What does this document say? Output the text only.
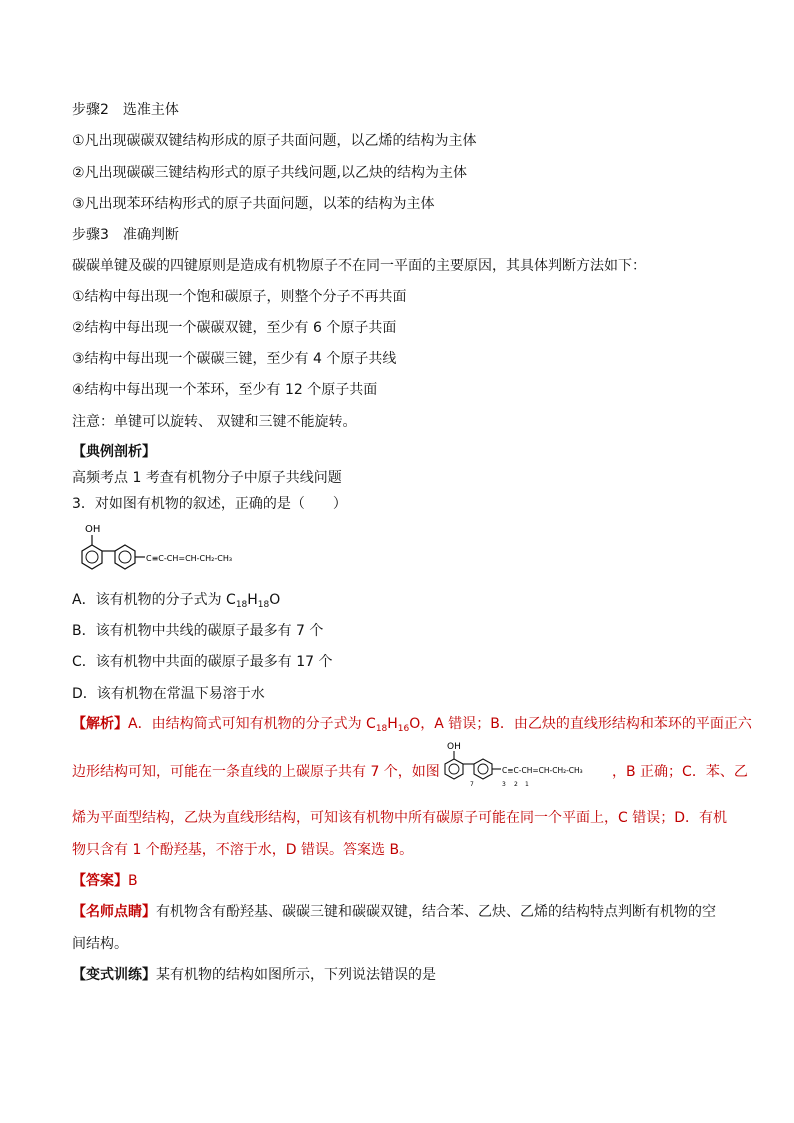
步骤2　选准主体
①凡出现碳碳双键结构形成的原子共面问题，以乙烯的结构为主体
②凡出现碳碳三键结构形式的原子共线问题,以乙炔的结构为主体
③凡出现苯环结构形式的原子共面问题，以苯的结构为主体
步骤3　准确判断
碳碳单键及碳的四键原则是造成有机物原子不在同一平面的主要原因，其具体判断方法如下：
①结构中每出现一个饱和碳原子，则整个分子不再共面
②结构中每出现一个碳碳双键，至少有 6 个原子共面
③结构中每出现一个碳碳三键，至少有 4 个原子共线
④结构中每出现一个苯环，至少有 12 个原子共面
注意：单键可以旋转、 双键和三键不能旋转。
【典例剖析】
高频考点 1 考查有机物分子中原子共线问题
3．对如图有机物的叙述，正确的是（　　）
OH
C≡C-CH=CH-CH₂-CH₃
A．该有机物的分子式为 $C_{18}H_{18}O$
B．该有机物中共线的碳原子最多有 7 个
C．该有机物中共面的碳原子最多有 17 个
D．该有机物在常温下易溶于水
【解析】A．由结构简式可知有机物的分子式为 $C_{18}H_{16}O$，A 错误；B．由乙炔的直线形结构和苯环的平面正六
边形结构可知，可能在一条直线的上碳原子共有 7 个，如图
OH
C≡C-CH=CH-CH₂-CH₃
7	3 2 1
，B 正确；C．苯、乙
烯为平面型结构，乙炔为直线形结构，可知该有机物中所有碳原子可能在同一个平面上，C 错误；D．有机
物只含有 1 个酚羟基，不溶于水，D 错误。答案选 B。
【答案】B
【名师点睛】有机物含有酚羟基、碳碳三键和碳碳双键，结合苯、乙炔、乙烯的结构特点判断有机物的空
间结构。
【变式训练】某有机物的结构如图所示，下列说法错误的是
